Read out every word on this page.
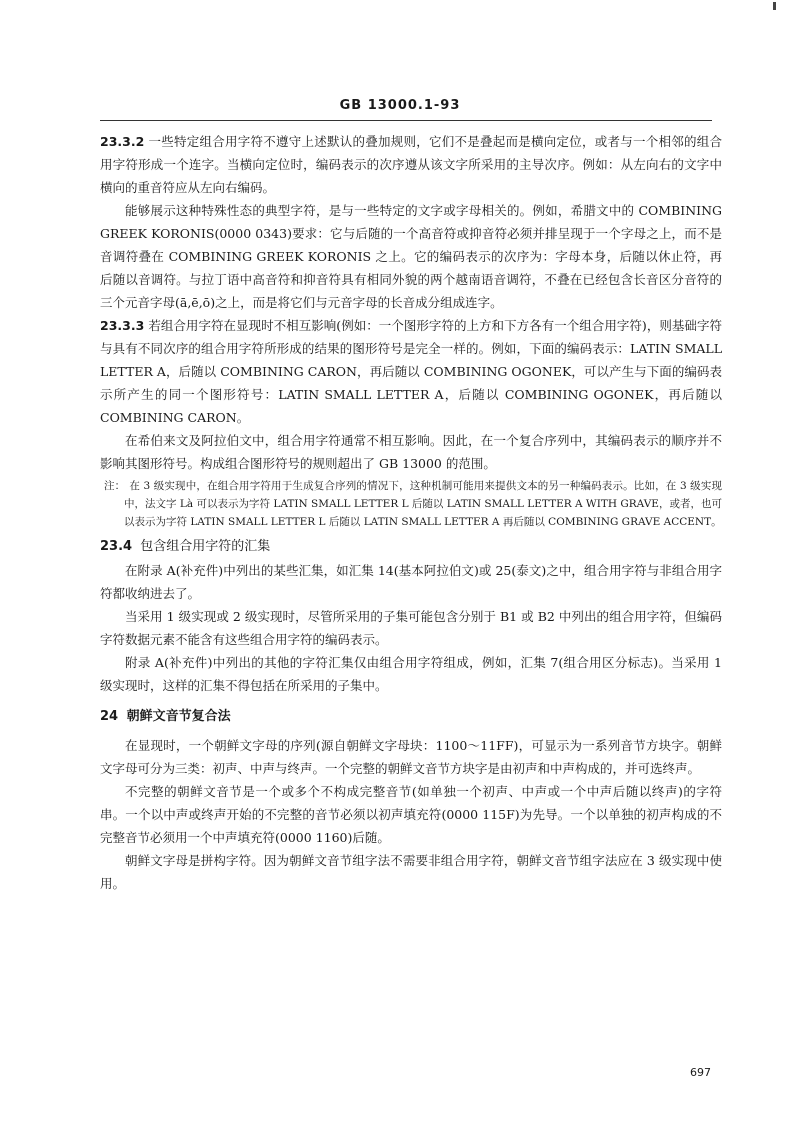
GB 13000.1-93

23.3.2 一些特定组合用字符不遵守上述默认的叠加规则，它们不是叠起而是横向定位，或者与一个相邻的组合用字符形成一个连字。当横向定位时，编码表示的次序遵从该文字所采用的主导次序。例如：从左向右的文字中横向的重音符应从左向右编码。

能够展示这种特殊性态的典型字符，是与一些特定的文字或字母相关的。例如，希腊文中的 COMBINING GREEK KORONIS(0000 0343)要求：它与后随的一个高音符或抑音符必须并排呈现于一个字母之上，而不是音调符叠在 COMBINING GREEK KORONIS 之上。它的编码表示的次序为：字母本身，后随以休止符，再后随以音调符。与拉丁语中高音符和抑音符具有相同外貌的两个越南语音调符，不叠在已经包含长音区分音符的三个元音字母(ā,ē,ō)之上，而是将它们与元音字母的长音成分组成连字。

23.3.3 若组合用字符在显现时不相互影响(例如：一个图形字符的上方和下方各有一个组合用字符)，则基础字符与具有不同次序的组合用字符所形成的结果的图形符号是完全一样的。例如，下面的编码表示：LATIN SMALL LETTER A，后随以 COMBINING CARON，再后随以 COMBINING OGONEK，可以产生与下面的编码表示所产生的同一个图形符号：LATIN SMALL LETTER A，后随以 COMBINING OGONEK，再后随以 COMBINING CARON。

在希伯来文及阿拉伯文中，组合用字符通常不相互影响。因此，在一个复合序列中，其编码表示的顺序并不影响其图形符号。构成组合图形符号的规则超出了 GB 13000 的范围。

注： 在 3 级实现中，在组合用字符用于生成复合序列的情况下，这种机制可能用来提供文本的另一种编码表示。比如，在 3 级实现中，法文字 Là 可以表示为字符 LATIN SMALL LETTER L 后随以 LATIN SMALL LETTER A WITH GRAVE，或者，也可以表示为字符 LATIN SMALL LETTER L 后随以 LATIN SMALL LETTER A 再后随以 COMBINING GRAVE ACCENT。

23.4 包含组合用字符的汇集

在附录 A(补充件)中列出的某些汇集，如汇集 14(基本阿拉伯文)或 25(泰文)之中，组合用字符与非组合用字符都收纳进去了。

当采用 1 级实现或 2 级实现时，尽管所采用的子集可能包含分别于 B1 或 B2 中列出的组合用字符，但编码字符数据元素不能含有这些组合用字符的编码表示。

附录 A(补充件)中列出的其他的字符汇集仅由组合用字符组成，例如，汇集 7(组合用区分标志)。当采用 1 级实现时，这样的汇集不得包括在所采用的子集中。

24 朝鲜文音节复合法

在显现时，一个朝鲜文字母的序列(源自朝鲜文字母块：1100～11FF)，可显示为一系列音节方块字。朝鲜文字母可分为三类：初声、中声与终声。一个完整的朝鲜文音节方块字是由初声和中声构成的，并可选终声。

不完整的朝鲜文音节是一个或多个不构成完整音节(如单独一个初声、中声或一个中声后随以终声)的字符串。一个以中声或终声开始的不完整的音节必须以初声填充符(0000 115F)为先导。一个以单独的初声构成的不完整音节必须用一个中声填充符(0000 1160)后随。

朝鲜文字母是拼构字符。因为朝鲜文音节组字法不需要非组合用字符，朝鲜文音节组字法应在 3 级实现中使用。

697
